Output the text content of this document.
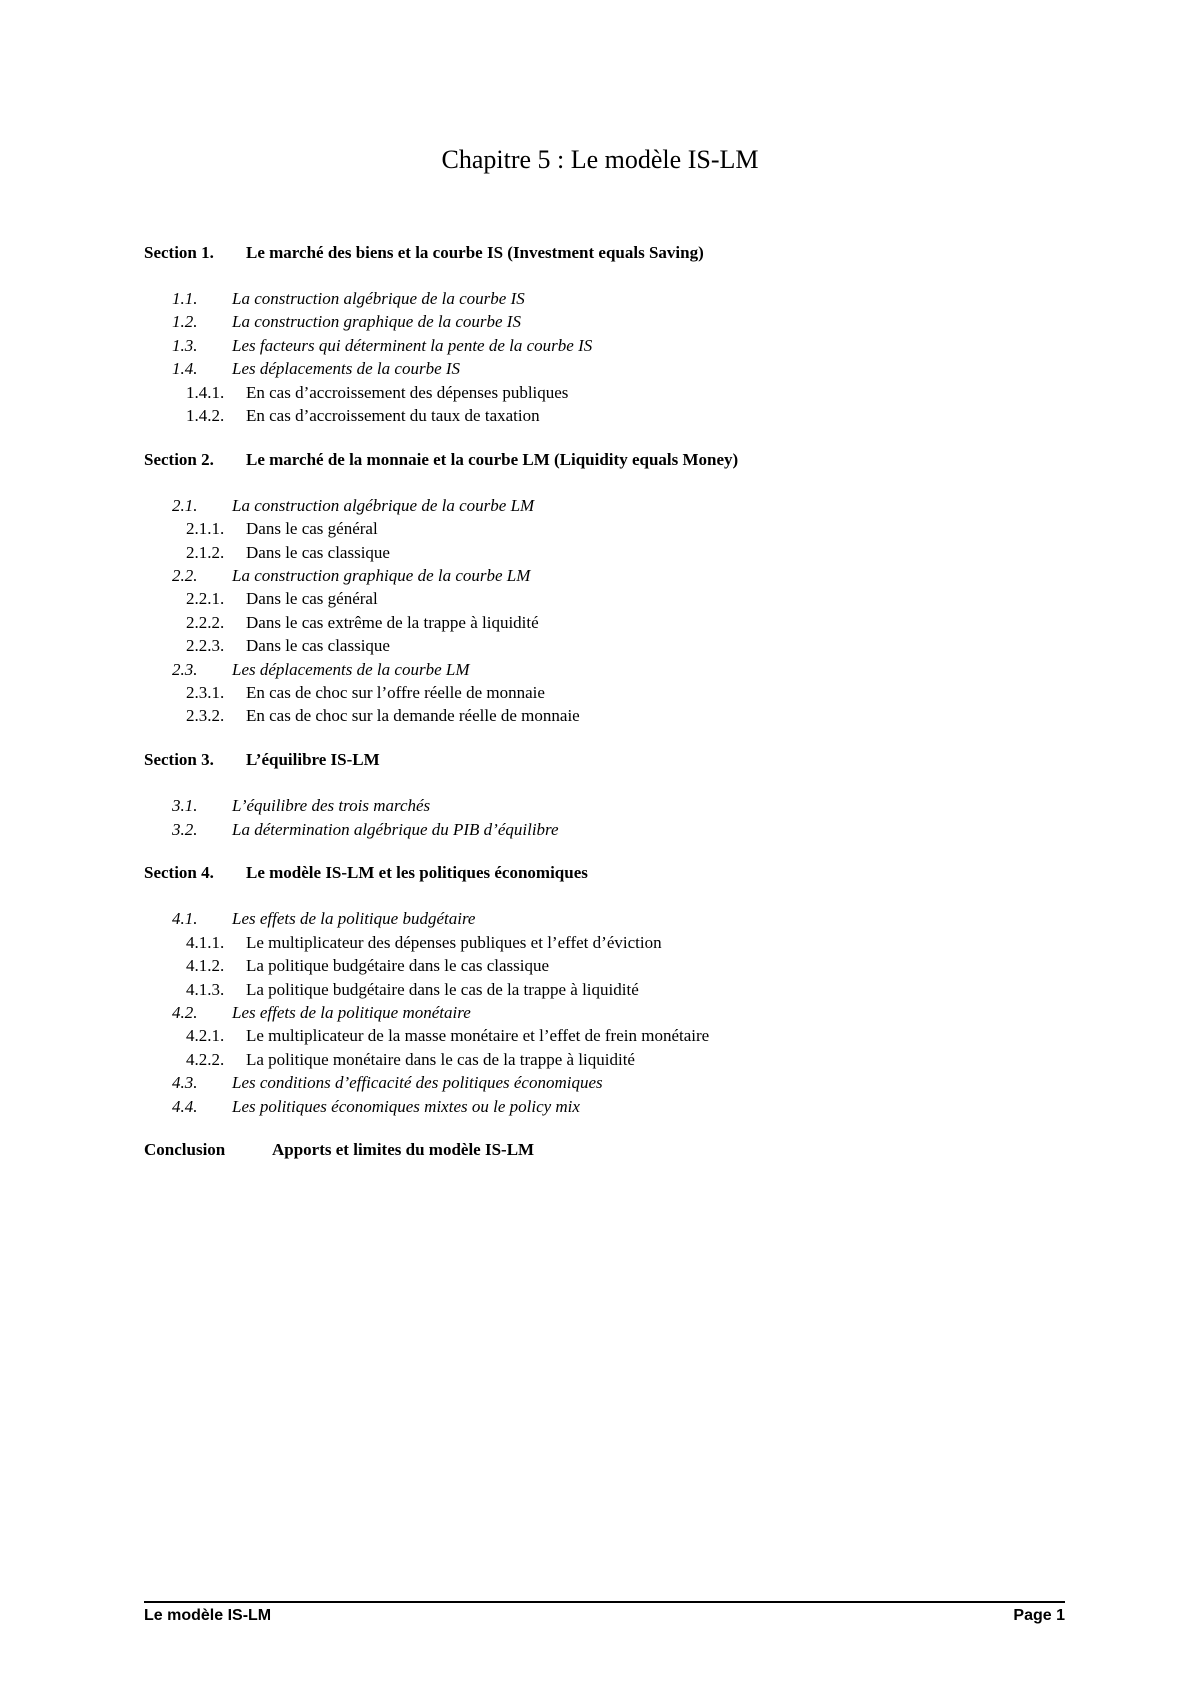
Chapitre 5 : Le modèle IS-LM
Section 1. Le marché des biens et la courbe IS (Investment equals Saving)
1.1. La construction algébrique de la courbe IS
1.2. La construction graphique de la courbe IS
1.3. Les facteurs qui déterminent la pente de la courbe IS
1.4. Les déplacements de la courbe IS
1.4.1. En cas d’accroissement des dépenses publiques
1.4.2. En cas d’accroissement du taux de taxation
Section 2. Le marché de la monnaie et la courbe LM (Liquidity equals Money)
2.1. La construction algébrique de la courbe LM
2.1.1. Dans le cas général
2.1.2. Dans le cas classique
2.2. La construction graphique de la courbe LM
2.2.1. Dans le cas général
2.2.2. Dans le cas extrême de la trappe à liquidité
2.2.3. Dans le cas classique
2.3. Les déplacements de la courbe LM
2.3.1. En cas de choc sur l’offre réelle de monnaie
2.3.2. En cas de choc sur la demande réelle de monnaie
Section 3. L’équilibre IS-LM
3.1. L’équilibre des trois marchés
3.2. La détermination algébrique du PIB d’équilibre
Section 4. Le modèle IS-LM et les politiques économiques
4.1. Les effets de la politique budgétaire
4.1.1. Le multiplicateur des dépenses publiques et l’effet d’éviction
4.1.2. La politique budgétaire dans le cas classique
4.1.3. La politique budgétaire dans le cas de la trappe à liquidité
4.2. Les effets de la politique monétaire
4.2.1. Le multiplicateur de la masse monétaire et l’effet de frein monétaire
4.2.2. La politique monétaire dans le cas de la trappe à liquidité
4.3. Les conditions d’efficacité des politiques économiques
4.4. Les politiques économiques mixtes ou le policy mix
Conclusion	Apports et limites du modèle IS-LM
Le modèle IS-LM	Page 1
